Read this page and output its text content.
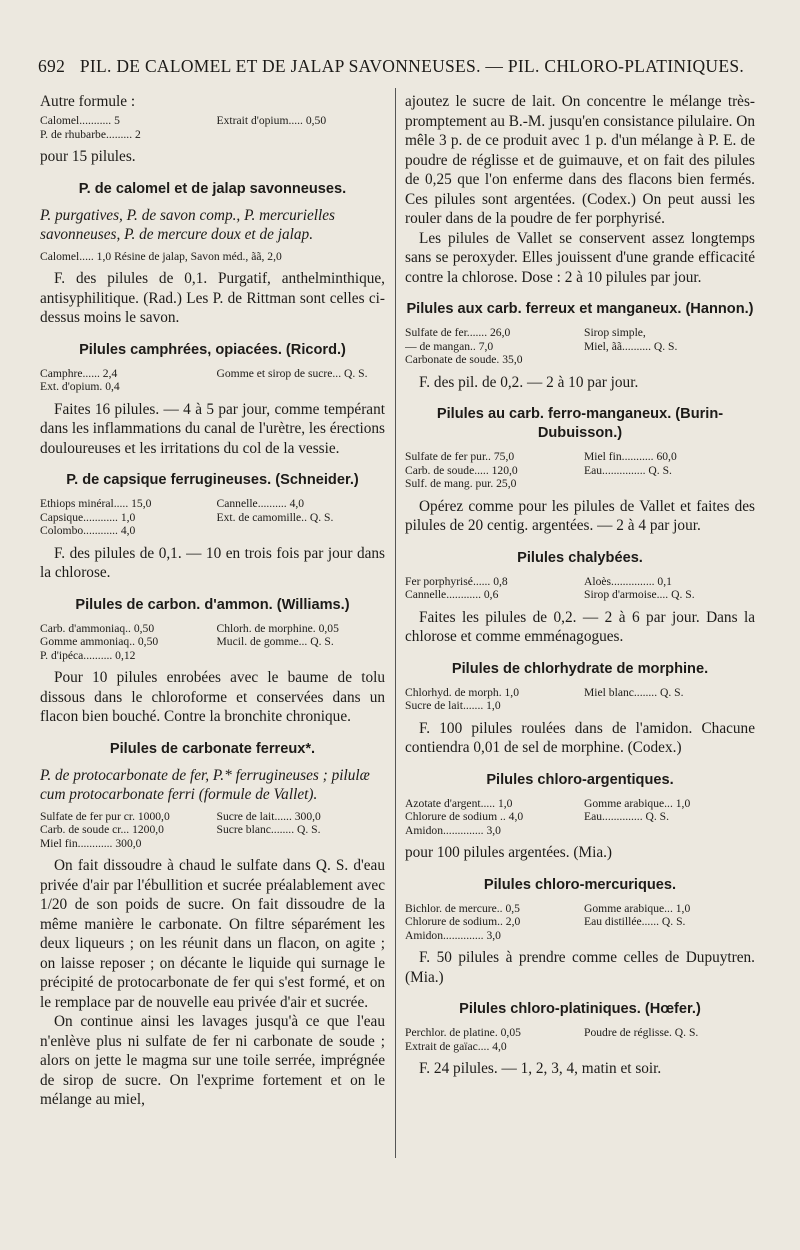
692 PIL. DE CALOMEL ET DE JALAP SAVONNEUSES. — PIL. CHLORO-PLATINIQUES.
Autre formule :
Calomel........... 5	Extrait d'opium..... 0,50
P. de rhubarbe......... 2

pour 15 pilules.

P. de calomel et de jalap savonneuses.
P. purgatives, P. de savon comp., P. mercurielles savonneuses, P. de mercure doux et de jalap.
Calomel..... 1,0 Résine de jalap, Savon méd., ãã, 2,0

F. des pilules de 0,1. Purgatif, anthelminthique, antisyphilitique. (Rad.) Les P. de Rittman sont celles ci-dessus moins le savon.

Pilules camphrées, opiacées. (Ricord.)
Camphre...... 2,4	Gomme et sirop de sucre... Q. S.
Ext. d'opium. 0,4

Faites 16 pilules. — 4 à 5 par jour, comme tempérant dans les inflammations du canal de l'urètre, les érections douloureuses et les irritations du col de la vessie.

P. de capsique ferrugineuses. (Schneider.)
Ethiops minéral..... 15,0	Cannelle.......... 4,0
Capsique............ 1,0	Ext. de camomille.. Q. S.
Colombo............ 4,0

F. des pilules de 0,1. — 10 en trois fois par jour dans la chlorose.

Pilules de carbon. d'ammon. (Williams.)
Carb. d'ammoniaq.. 0,50	Chlorh. de morphine. 0,05
Gomme ammoniaq.. 0,50	Mucil. de gomme... Q. S.
P. d'ipéca.......... 0,12

Pour 10 pilules enrobées avec le baume de tolu dissous dans le chloroforme et conservées dans un flacon bien bouché. Contre la bronchite chronique.

Pilules de carbonate ferreux*.
P. de protocarbonate de fer, P.* ferrugineuses ; pilulæ cum protocarbonate ferri (formule de Vallet).
Sulfate de fer pur cr. 1000,0	Sucre de lait...... 300,0
Carb. de soude cr... 1200,0	Sucre blanc........ Q. S.
Miel fin............ 300,0

On fait dissoudre à chaud le sulfate dans Q. S. d'eau privée d'air par l'ébullition et sucrée préalablement avec 1/20 de son poids de sucre. On fait dissoudre de la même manière le carbonate. On filtre séparément les deux liqueurs ; on les réunit dans un flacon, on agite ; on laisse reposer ; on décante le liquide qui surnage le précipité de protocarbonate de fer qui s'est formé, et on le remplace par de nouvelle eau privée d'air et sucrée.

On continue ainsi les lavages jusqu'à ce que l'eau n'enlève plus ni sulfate de fer ni carbonate de soude ; alors on jette le magma sur une toile serrée, imprégnée de sirop de sucre. On l'exprime fortement et on le mélange au miel,

ajoutez le sucre de lait. On concentre le mélange très-promptement au B.-M. jusqu'en consistance pilulaire. On mêle 3 p. de ce produit avec 1 p. d'un mélange à P. E. de poudre de réglisse et de guimauve, et on fait des pilules de 0,25 que l'on enferme dans des flacons bien fermés. Ces pilules sont argentées. (Codex.) On peut aussi les rouler dans de la poudre de fer porphyrisé.

Les pilules de Vallet se conservent assez longtemps sans se peroxyder. Elles jouissent d'une grande efficacité contre la chlorose. Dose : 2 à 10 pilules par jour.

Pilules aux carb. ferreux et manganeux. (Hannon.)
Sulfate de fer....... 26,0	Sirop simple,
— de mangan.. 7,0	Miel, ãã.......... Q. S.
Carbonate de soude. 35,0

F. des pil. de 0,2. — 2 à 10 par jour.

Pilules au carb. ferro-manganeux. (Burin-Dubuisson.)
Sulfate de fer pur.. 75,0	Miel fin........... 60,0
Carb. de soude..... 120,0	Eau............... Q. S.
Sulf. de mang. pur. 25,0

Opérez comme pour les pilules de Vallet et faites des pilules de 20 centig. argentées. — 2 à 4 par jour.

Pilules chalybées.
Fer porphyrisé...... 0,8	Aloès............... 0,1
Cannelle............ 0,6	Sirop d'armoise.... Q. S.

Faites les pilules de 0,2. — 2 à 6 par jour. Dans la chlorose et comme emménagogues.

Pilules de chlorhydrate de morphine.
Chlorhyd. de morph. 1,0	Miel blanc........ Q. S.
Sucre de lait....... 1,0

F. 100 pilules roulées dans de l'amidon. Chacune contiendra 0,01 de sel de morphine. (Codex.)

Pilules chloro-argentiques.
Azotate d'argent..... 1,0	Gomme arabique... 1,0
Chlorure de sodium .. 4,0	Eau.............. Q. S.
Amidon.............. 3,0

pour 100 pilules argentées. (Mia.)

Pilules chloro-mercuriques.
Bichlor. de mercure.. 0,5	Gomme arabique... 1,0
Chlorure de sodium.. 2,0	Eau distillée...... Q. S.
Amidon.............. 3,0

F. 50 pilules à prendre comme celles de Dupuytren. (Mia.)

Pilules chloro-platiniques. (Hœfer.)
Perchlor. de platine. 0,05	Poudre de réglisse. Q. S.
Extrait de gaïac.... 4,0

F. 24 pilules. — 1, 2, 3, 4, matin et soir.
